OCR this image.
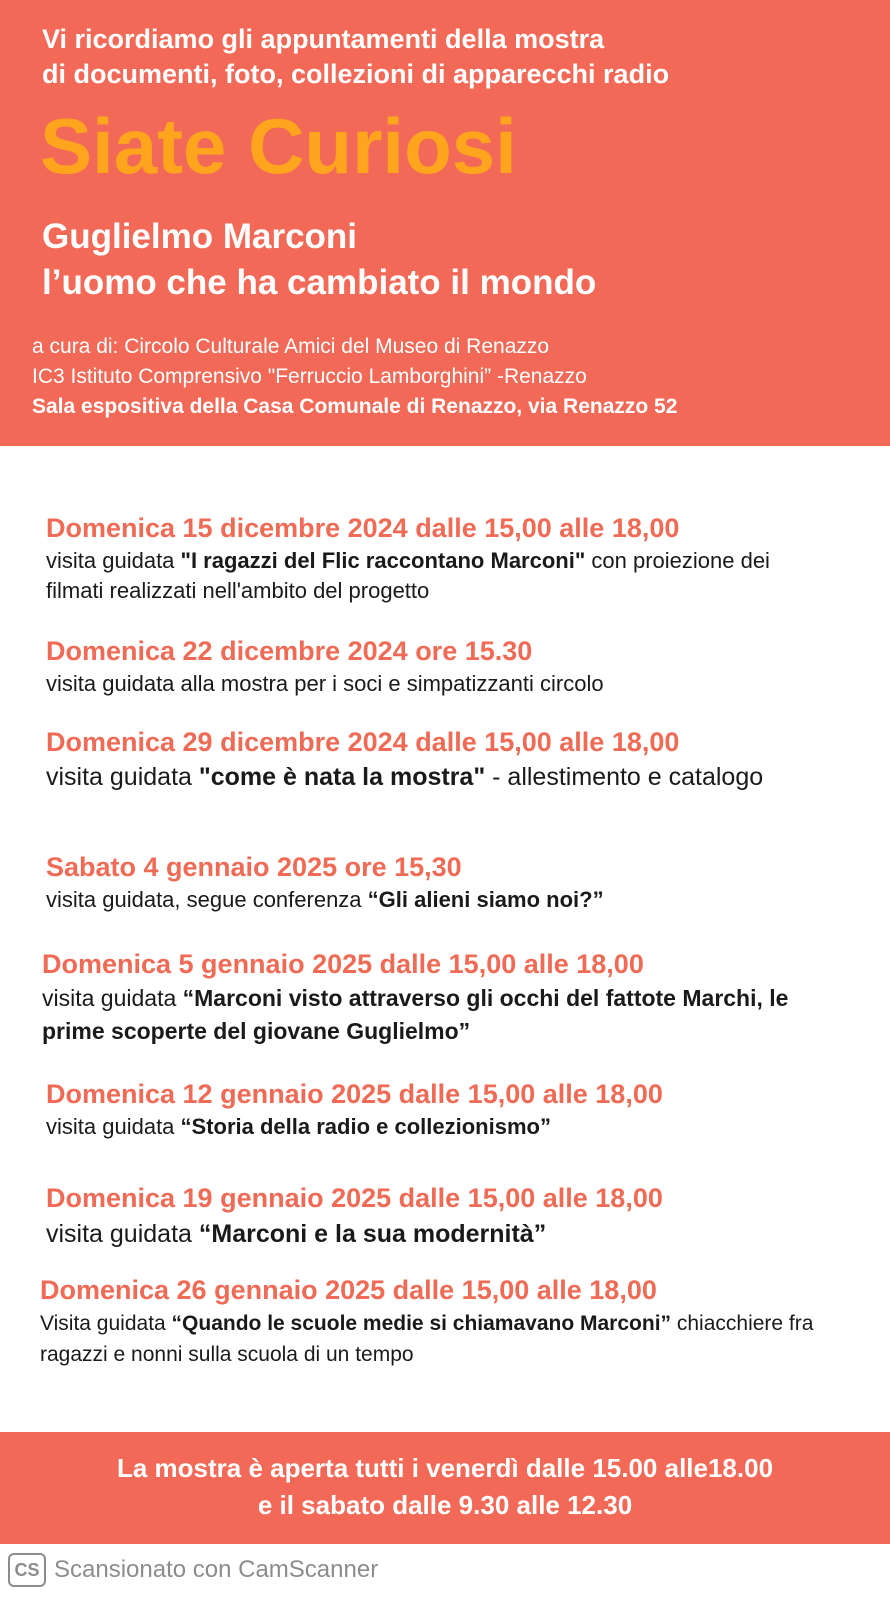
Vi ricordiamo gli appuntamenti della mostra
di documenti, foto, collezioni di apparecchi radio
Siate Curiosi
Guglielmo Marconi
l’uomo che ha cambiato il mondo
a cura di: Circolo Culturale Amici del Museo di Renazzo
IC3 Istituto Comprensivo "Ferruccio Lamborghini” -Renazzo
Sala espositiva della Casa Comunale di Renazzo, via Renazzo 52
Domenica 15 dicembre 2024 dalle 15,00 alle 18,00
visita guidata "I ragazzi del Flic raccontano Marconi" con proiezione dei filmati realizzati nell'ambito del progetto
Domenica 22 dicembre 2024 ore 15.30
visita guidata alla mostra per i soci e simpatizzanti circolo
Domenica 29 dicembre 2024 dalle 15,00 alle 18,00
visita guidata "come è nata la mostra" - allestimento e catalogo
Sabato 4 gennaio 2025 ore 15,30
visita guidata, segue conferenza “Gli alieni siamo noi?”
Domenica 5 gennaio 2025 dalle 15,00 alle 18,00
visita guidata “Marconi visto attraverso gli occhi del fattote Marchi, le prime scoperte del giovane Guglielmo”
Domenica 12 gennaio 2025 dalle 15,00 alle 18,00
visita guidata “Storia della radio e collezionismo”
Domenica 19 gennaio 2025 dalle 15,00 alle 18,00
visita guidata “Marconi e la sua modernità”
Domenica 26 gennaio 2025 dalle 15,00 alle 18,00
Visita guidata “Quando le scuole medie si chiamavano Marconi” chiacchiere fra ragazzi e nonni sulla scuola di un tempo
La mostra è aperta tutti i venerdì dalle 15.00 alle18.00
e il sabato dalle 9.30 alle 12.30
CS Scansionato con CamScanner
